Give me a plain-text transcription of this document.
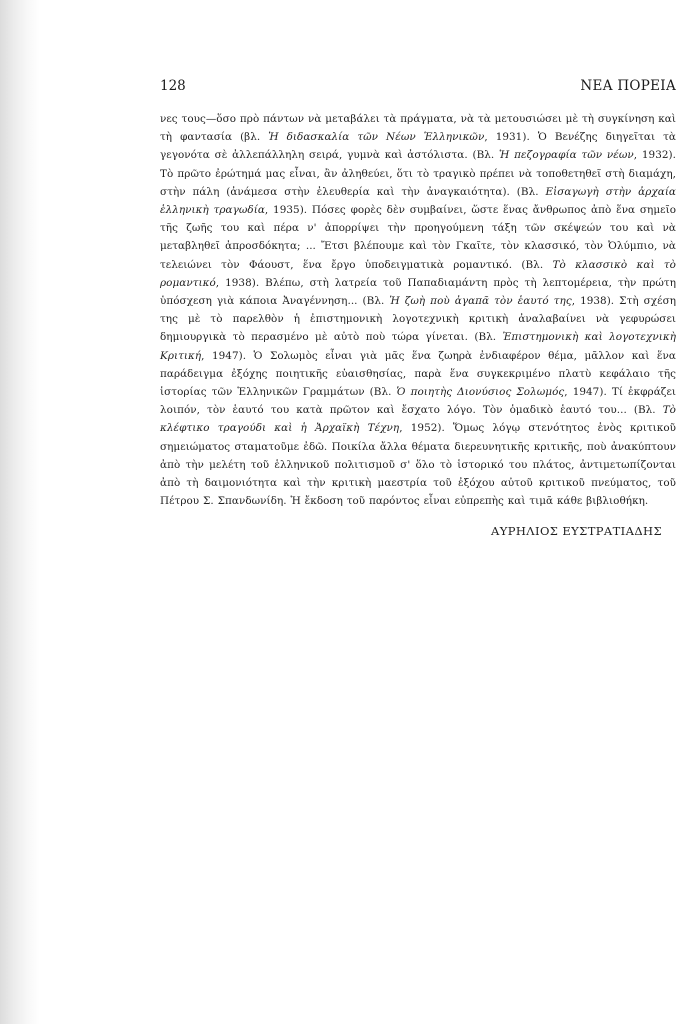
128	ΝΕΑ ΠΟΡΕΙΑ
νες τους—ὅσο πρὸ πάντων νὰ μεταβάλει τὰ πράγματα, νὰ τὰ μετουσιώσει μὲ τὴ συγκίνηση καὶ τὴ φαντασία (βλ. Ἡ διδασκαλία τῶν Νέων Ἑλληνικῶν, 1931). Ὁ Βενέζης διηγεῖται τὰ γεγονότα σὲ ἀλλεπάλληλη σειρά, γυμνὰ καὶ ἀστόλιστα. (Βλ. Ἡ πεζογραφία τῶν νέων, 1932). Τὸ πρῶτο ἐρώτημά μας εἶναι, ἂν ἀληθεύει, ὅτι τὸ τραγικὸ πρέπει νὰ τοποθετηθεῖ στὴ διαμάχη, στὴν πάλη (ἀνάμεσα στὴν ἐλευθερία καὶ τὴν ἀναγκαιότητα). (Βλ. Εἰσαγωγὴ στὴν ἀρχαία ἑλληνικὴ τραγωδία, 1935). Πόσες φορὲς δὲν συμβαίνει, ὥστε ἕνας ἄνθρωπος ἀπὸ ἕνα σημεῖο τῆς ζωῆς του καὶ πέρα ν' ἀπορρίψει τὴν προηγούμενη τάξη τῶν σκέψεών του καὶ νὰ μεταβληθεῖ ἀπροσδόκητα; ... Ἔτσι βλέπουμε καὶ τὸν Γκαῖτε, τὸν κλασσικό, τὸν Ὀλύμπιο, νὰ τελειώνει τὸν Φάουστ, ἕνα ἔργο ὑποδειγματικὰ ρομαντικό. (Βλ. Τὸ κλασσικὸ καὶ τὸ ρομαντικό, 1938). Βλέπω, στὴ λατρεία τοῦ Παπαδιαμάντη πρὸς τὴ λεπτομέρεια, τὴν πρώτη ὑπόσχεση γιὰ κάποια Ἀναγέννηση... (Βλ. Ἡ ζωὴ ποὺ ἀγαπᾶ τὸν ἑαυτό της, 1938). Στὴ σχέση της μὲ τὸ παρελθὸν ἡ ἐπιστημονικὴ λογοτεχνικὴ κριτικὴ ἀναλαβαίνει νὰ γεφυρώσει δημιουργικὰ τὸ περασμένο μὲ αὐτὸ ποὺ τώρα γίνεται. (Βλ. Ἐπιστημονικὴ καὶ λογοτεχνικὴ Κριτική, 1947). Ὁ Σολωμὸς εἶναι γιὰ μᾶς ἕνα ζωηρὰ ἐνδιαφέρον θέμα, μᾶλλον καὶ ἕνα παράδειγμα ἐξόχης ποιητικῆς εὐαισθησίας, παρὰ ἕνα συγκεκριμένο πλατὺ κεφάλαιο τῆς ἱστορίας τῶν Ἑλληνικῶν Γραμμάτων (Βλ. Ὁ ποιητὴς Διονύσιος Σολωμός, 1947). Τί ἐκφράζει λοιπόν, τὸν ἑαυτό του κατὰ πρῶτον καὶ ἔσχατο λόγο. Τὸν ὁμαδικὸ ἑαυτό του... (Βλ. Τὸ κλέφτικο τραγούδι καὶ ἡ Ἀρχαϊκὴ Τέχνη, 1952). Ὅμως λόγῳ στενότητος ἑνὸς κριτικοῦ σημειώματος σταματοῦμε ἐδῶ. Ποικίλα ἄλλα θέματα διερευνητικῆς κριτικῆς, ποὺ ἀνακύπτουν ἀπὸ τὴν μελέτη τοῦ ἑλληνικοῦ πολιτισμοῦ σ' ὅλο τὸ ἱστορικό του πλάτος, ἀντιμετωπίζονται ἀπὸ τὴ δαιμονιότητα καὶ τὴν κριτικὴ μαεστρία τοῦ ἐξόχου αὐτοῦ κριτικοῦ πνεύματος, τοῦ Πέτρου Σ. Σπανδωνίδη. Ἡ ἔκδοση τοῦ παρόντος εἶναι εὐπρεπὴς καὶ τιμᾶ κάθε βιβλιοθήκη.
ΑΥΡΗΛΙΟΣ ΕΥΣΤΡΑΤΙΑΔΗΣ
